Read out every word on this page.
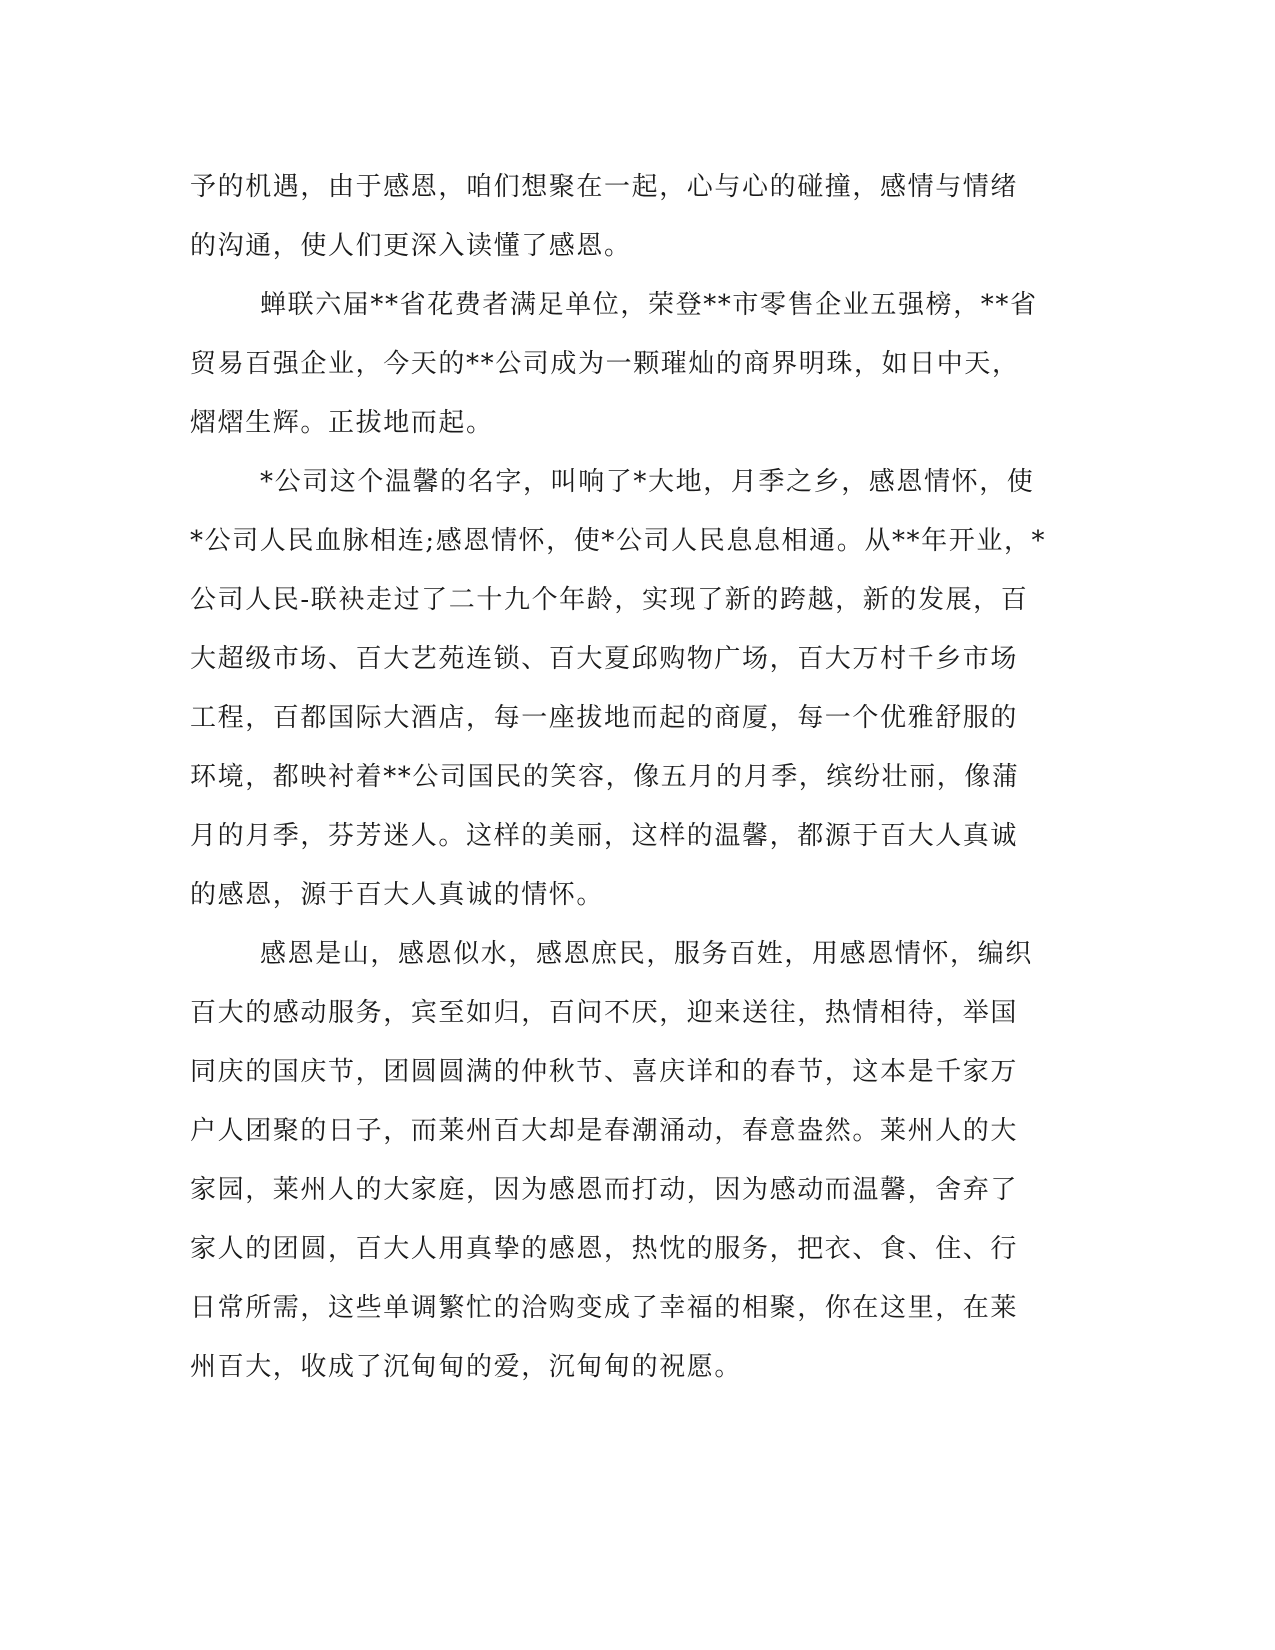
予的机遇，由于感恩，咱们想聚在一起，心与心的碰撞，感情与情绪
的沟通，使人们更深入读懂了感恩。
蝉联六届**省花费者满足单位，荣登**市零售企业五强榜，**省
贸易百强企业，今天的**公司成为一颗璀灿的商界明珠，如日中天，
熠熠生辉。正拔地而起。
*公司这个温馨的名字，叫响了*大地，月季之乡，感恩情怀，使
*公司人民血脉相连;感恩情怀，使*公司人民息息相通。从**年开业，*
公司人民-联袂走过了二十九个年龄，实现了新的跨越，新的发展，百
大超级市场、百大艺苑连锁、百大夏邱购物广场，百大万村千乡市场
工程，百都国际大酒店，每一座拔地而起的商厦，每一个优雅舒服的
环境，都映衬着**公司国民的笑容，像五月的月季，缤纷壮丽，像蒲
月的月季，芬芳迷人。这样的美丽，这样的温馨，都源于百大人真诚
的感恩，源于百大人真诚的情怀。
感恩是山，感恩似水，感恩庶民，服务百姓，用感恩情怀，编织
百大的感动服务，宾至如归，百问不厌，迎来送往，热情相待，举国
同庆的国庆节，团圆圆满的仲秋节、喜庆详和的春节，这本是千家万
户人团聚的日子，而莱州百大却是春潮涌动，春意盎然。莱州人的大
家园，莱州人的大家庭，因为感恩而打动，因为感动而温馨，舍弃了
家人的团圆，百大人用真挚的感恩，热忱的服务，把衣、食、住、行
日常所需，这些单调繁忙的洽购变成了幸福的相聚，你在这里，在莱
州百大，收成了沉甸甸的爱，沉甸甸的祝愿。
